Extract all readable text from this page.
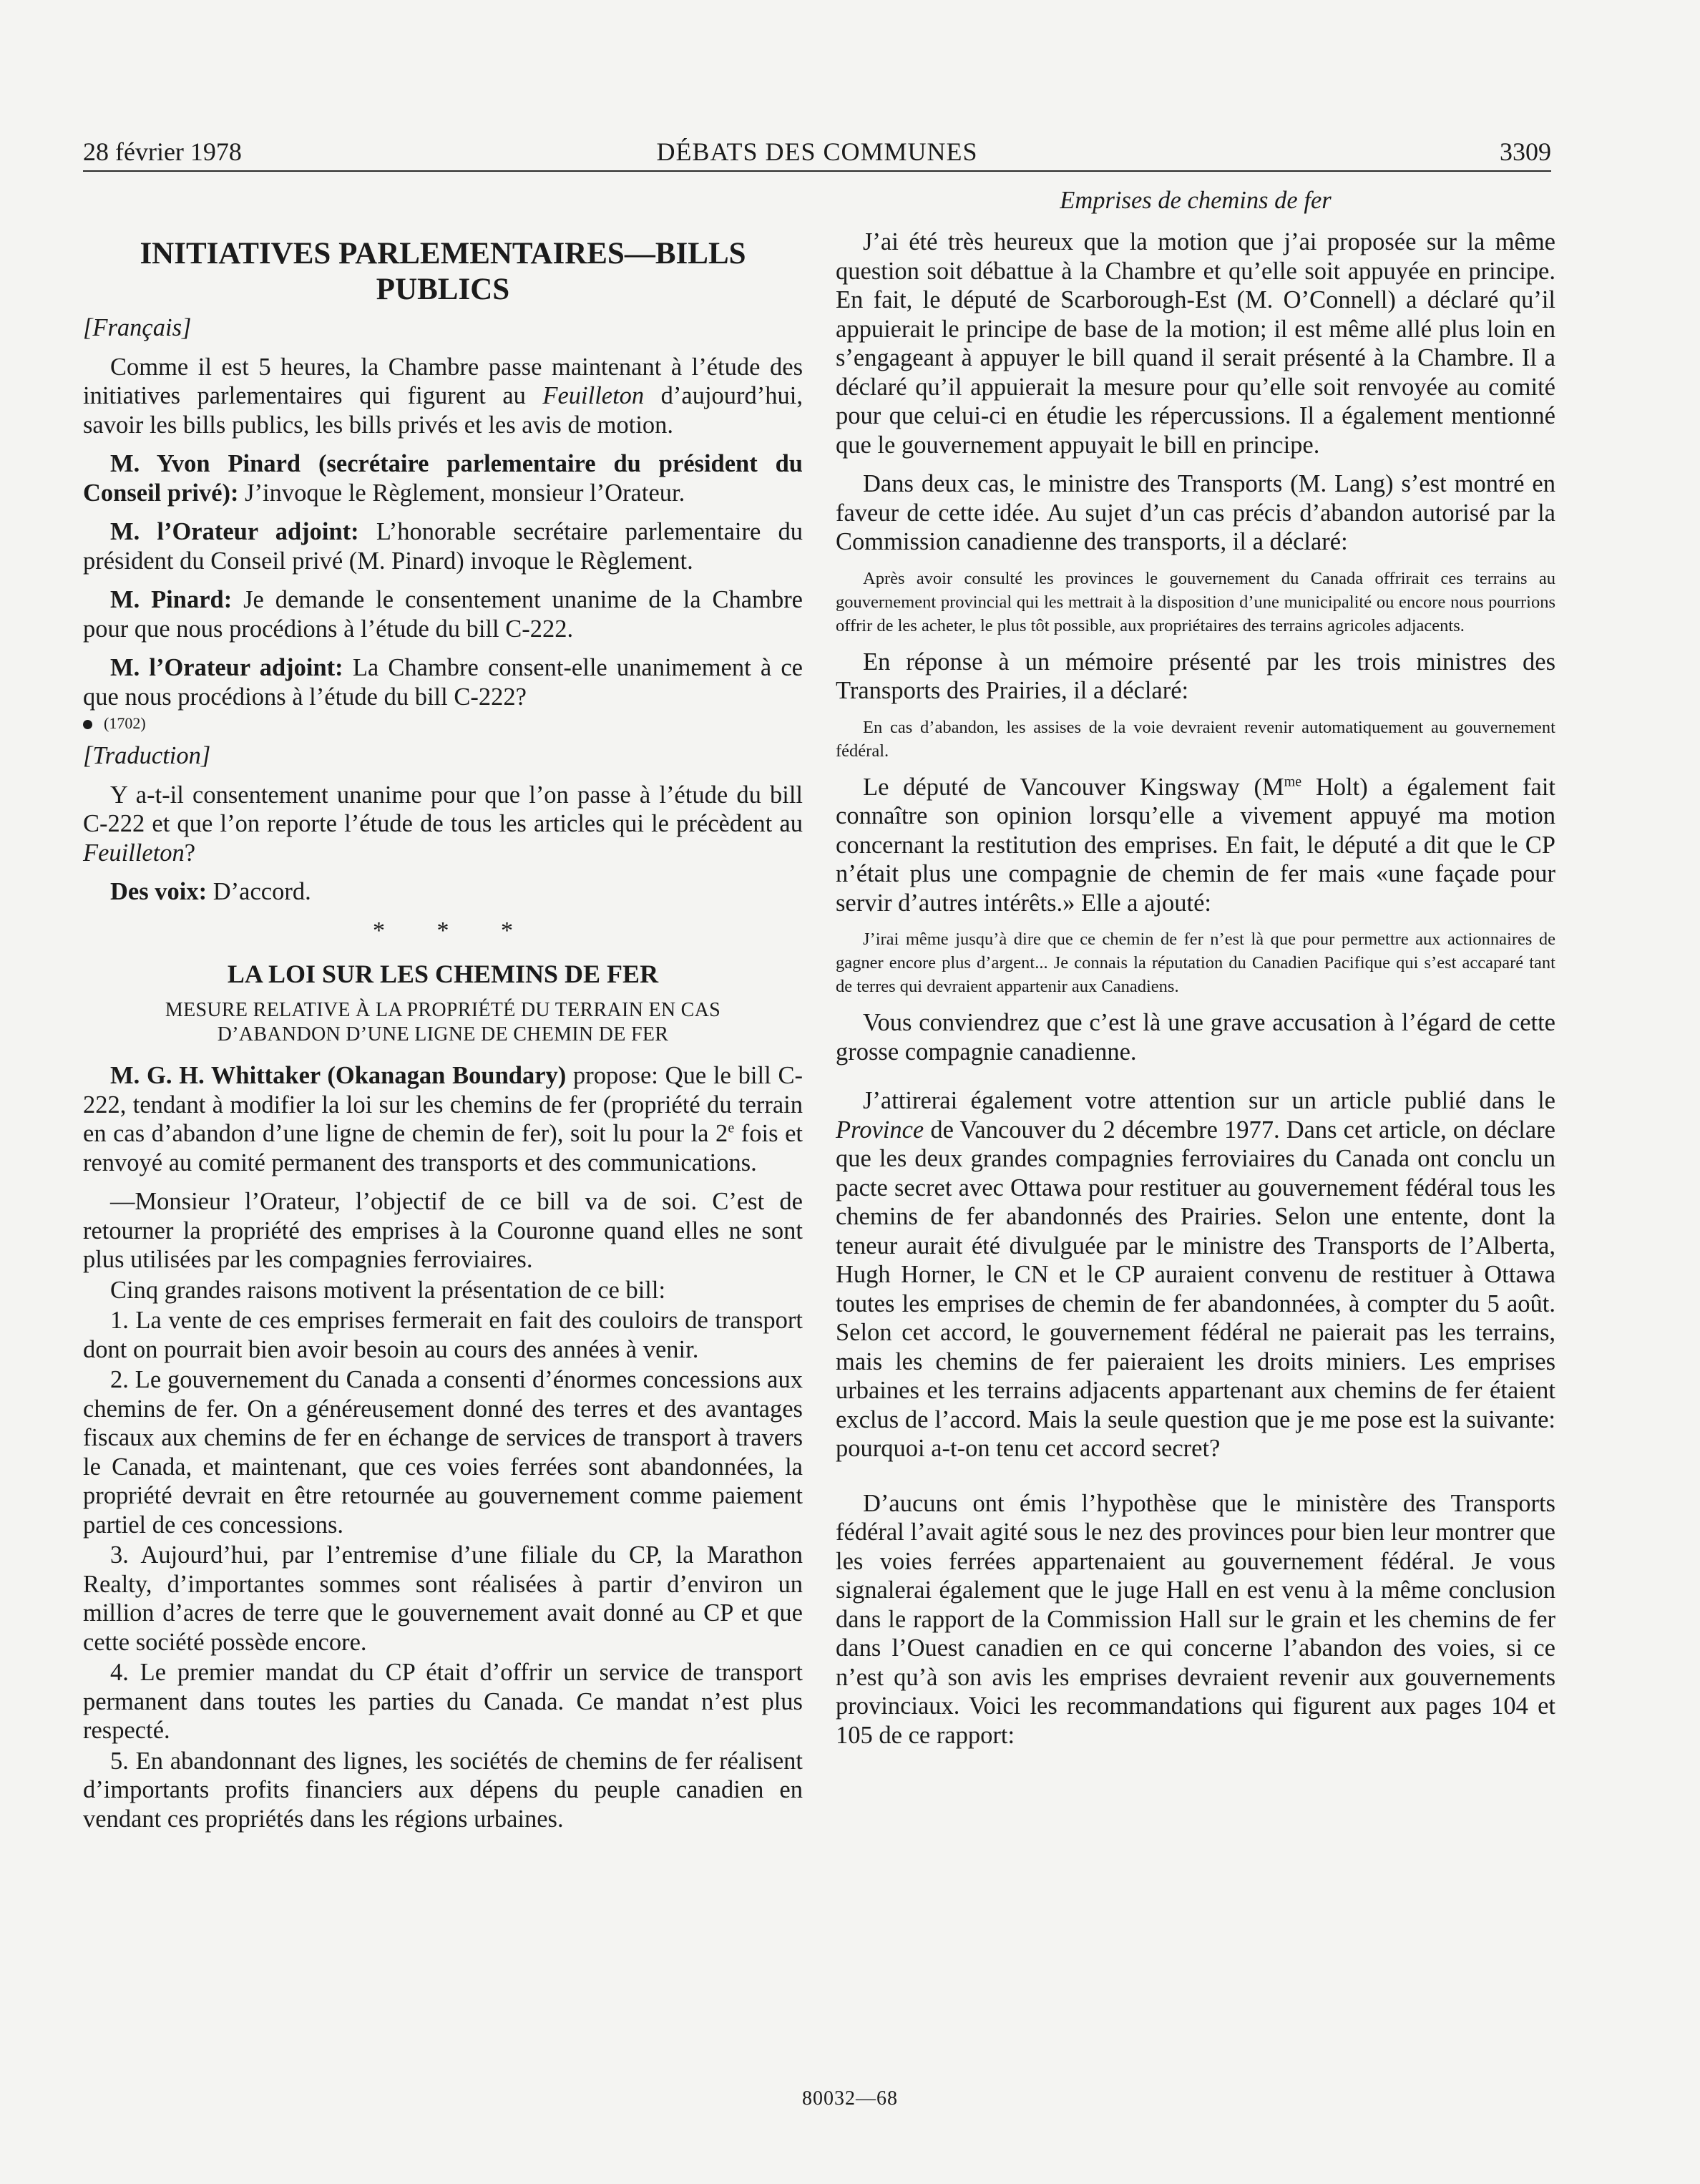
28 février 1978	DÉBATS DES COMMUNES	3309
INITIATIVES PARLEMENTAIRES—BILLS PUBLICS

[Français]

Comme il est 5 heures, la Chambre passe maintenant à l’étude des initiatives parlementaires qui figurent au Feuilleton d’aujourd’hui, savoir les bills publics, les bills privés et les avis de motion.

M. Yvon Pinard (secrétaire parlementaire du président du Conseil privé): J’invoque le Règlement, monsieur l’Orateur.

M. l’Orateur adjoint: L’honorable secrétaire parlementaire du président du Conseil privé (M. Pinard) invoque le Règlement.

M. Pinard: Je demande le consentement unanime de la Chambre pour que nous procédions à l’étude du bill C-222.

M. l’Orateur adjoint: La Chambre consent-elle unanimement à ce que nous procédions à l’étude du bill C-222?

(1702)

[Traduction]

Y a-t-il consentement unanime pour que l’on passe à l’étude du bill C-222 et que l’on reporte l’étude de tous les articles qui le précèdent au Feuilleton?

Des voix: D’accord.

* * *
LA LOI SUR LES CHEMINS DE FER
MESURE RELATIVE À LA PROPRIÉTÉ DU TERRAIN EN CAS
D’ABANDON D’UNE LIGNE DE CHEMIN DE FER

M. G. H. Whittaker (Okanagan Boundary) propose: Que le bill C-222, tendant à modifier la loi sur les chemins de fer (propriété du terrain en cas d’abandon d’une ligne de chemin de fer), soit lu pour la 2e fois et renvoyé au comité permanent des transports et des communications.

—Monsieur l’Orateur, l’objectif de ce bill va de soi. C’est de retourner la propriété des emprises à la Couronne quand elles ne sont plus utilisées par les compagnies ferroviaires.

Cinq grandes raisons motivent la présentation de ce bill:

1. La vente de ces emprises fermerait en fait des couloirs de transport dont on pourrait bien avoir besoin au cours des années à venir.

2. Le gouvernement du Canada a consenti d’énormes concessions aux chemins de fer. On a généreusement donné des terres et des avantages fiscaux aux chemins de fer en échange de services de transport à travers le Canada, et maintenant, que ces voies ferrées sont abandonnées, la propriété devrait en être retournée au gouvernement comme paiement partiel de ces concessions.

3. Aujourd’hui, par l’entremise d’une filiale du CP, la Marathon Realty, d’importantes sommes sont réalisées à partir d’environ un million d’acres de terre que le gouvernement avait donné au CP et que cette société possède encore.

4. Le premier mandat du CP était d’offrir un service de transport permanent dans toutes les parties du Canada. Ce mandat n’est plus respecté.

5. En abandonnant des lignes, les sociétés de chemins de fer réalisent d’importants profits financiers aux dépens du peuple canadien en vendant ces propriétés dans les régions urbaines.

Emprises de chemins de fer

J’ai été très heureux que la motion que j’ai proposée sur la même question soit débattue à la Chambre et qu’elle soit appuyée en principe. En fait, le député de Scarborough-Est (M. O’Connell) a déclaré qu’il appuierait le principe de base de la motion; il est même allé plus loin en s’engageant à appuyer le bill quand il serait présenté à la Chambre. Il a déclaré qu’il appuierait la mesure pour qu’elle soit renvoyée au comité pour que celui-ci en étudie les répercussions. Il a également mentionné que le gouvernement appuyait le bill en principe.

Dans deux cas, le ministre des Transports (M. Lang) s’est montré en faveur de cette idée. Au sujet d’un cas précis d’abandon autorisé par la Commission canadienne des transports, il a déclaré:

Après avoir consulté les provinces le gouvernement du Canada offrirait ces terrains au gouvernement provincial qui les mettrait à la disposition d’une municipalité ou encore nous pourrions offrir de les acheter, le plus tôt possible, aux propriétaires des terrains agricoles adjacents.

En réponse à un mémoire présenté par les trois ministres des Transports des Prairies, il a déclaré:

En cas d’abandon, les assises de la voie devraient revenir automatiquement au gouvernement fédéral.

Le député de Vancouver Kingsway ($M^{me}$ Holt) a également fait connaître son opinion lorsqu’elle a vivement appuyé ma motion concernant la restitution des emprises. En fait, le député a dit que le CP n’était plus une compagnie de chemin de fer mais «une façade pour servir d’autres intérêts.» Elle a ajouté:

J’irai même jusqu’à dire que ce chemin de fer n’est là que pour permettre aux actionnaires de gagner encore plus d’argent... Je connais la réputation du Canadien Pacifique qui s’est accaparé tant de terres qui devraient appartenir aux Canadiens.

Vous conviendrez que c’est là une grave accusation à l’égard de cette grosse compagnie canadienne.

J’attirerai également votre attention sur un article publié dans le Province de Vancouver du 2 décembre 1977. Dans cet article, on déclare que les deux grandes compagnies ferroviaires du Canada ont conclu un pacte secret avec Ottawa pour restituer au gouvernement fédéral tous les chemins de fer abandonnés des Prairies. Selon une entente, dont la teneur aurait été divulguée par le ministre des Transports de l’Alberta, Hugh Horner, le CN et le CP auraient convenu de restituer à Ottawa toutes les emprises de chemin de fer abandonnées, à compter du 5 août. Selon cet accord, le gouvernement fédéral ne paierait pas les terrains, mais les chemins de fer paieraient les droits miniers. Les emprises urbaines et les terrains adjacents appartenant aux chemins de fer étaient exclus de l’accord. Mais la seule question que je me pose est la suivante: pourquoi a-t-on tenu cet accord secret?

D’aucuns ont émis l’hypothèse que le ministère des Transports fédéral l’avait agité sous le nez des provinces pour bien leur montrer que les voies ferrées appartenaient au gouvernement fédéral. Je vous signalerai également que le juge Hall en est venu à la même conclusion dans le rapport de la Commission Hall sur le grain et les chemins de fer dans l’Ouest canadien en ce qui concerne l’abandon des voies, si ce n’est qu’à son avis les emprises devraient revenir aux gouvernements provinciaux. Voici les recommandations qui figurent aux pages 104 et 105 de ce rapport:

80032—68
